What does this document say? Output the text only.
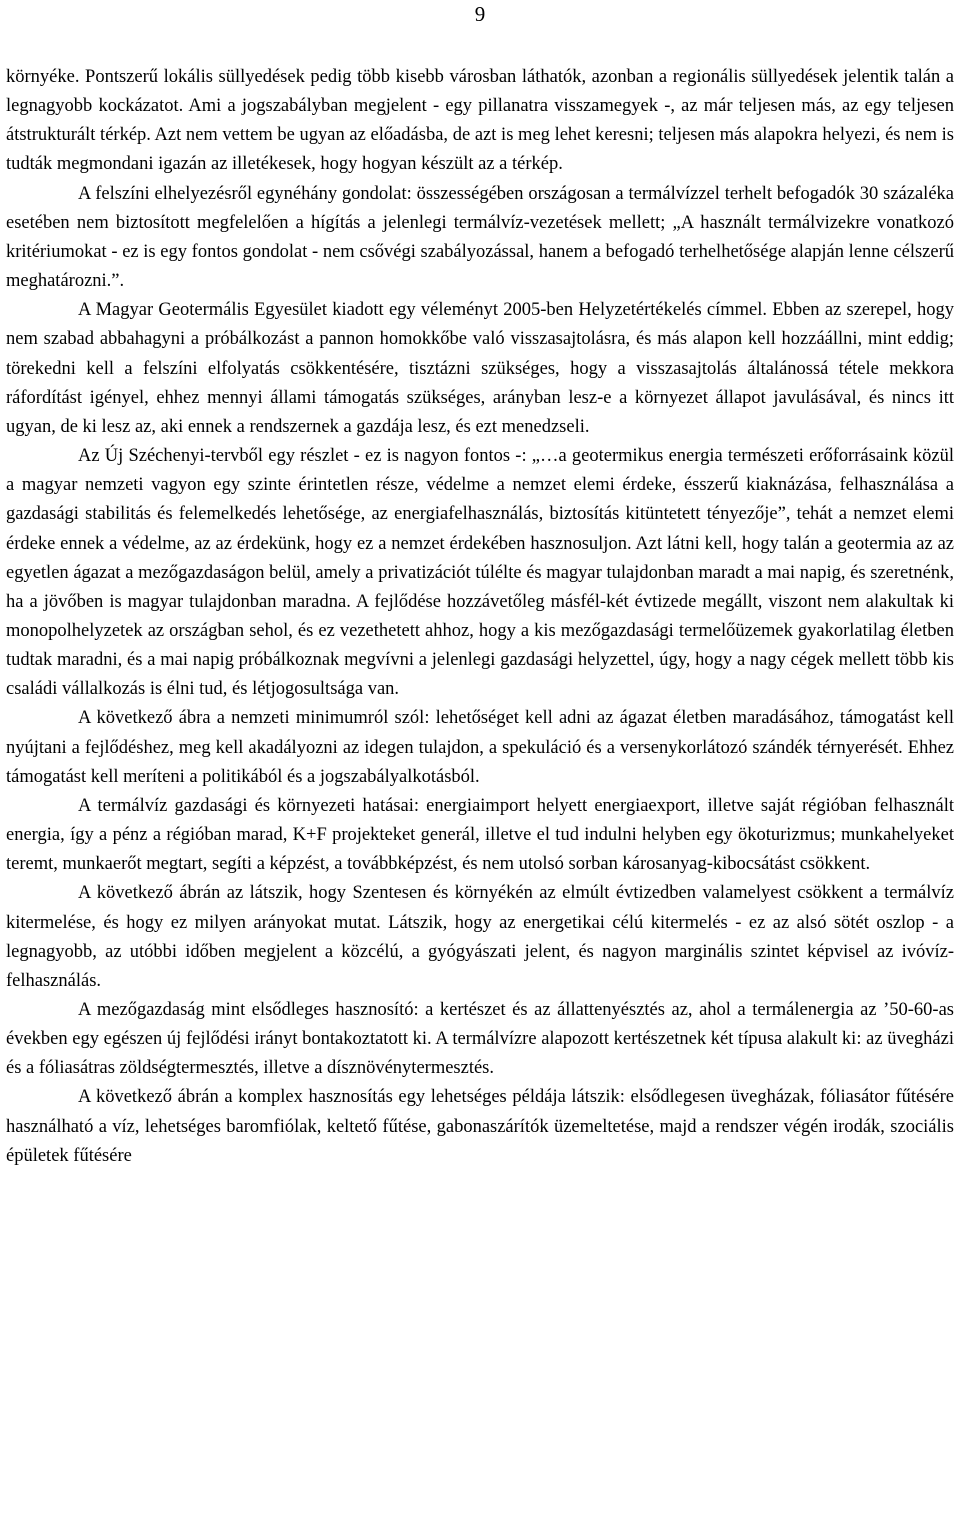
9

környéke. Pontszerű lokális süllyedések pedig több kisebb városban láthatók, azonban a regionális süllyedések jelentik talán a legnagyobb kockázatot. Ami a jogszabályban megjelent - egy pillanatra visszamegyek -, az már teljesen más, az egy teljesen átstrukturált térkép. Azt nem vettem be ugyan az előadásba, de azt is meg lehet keresni; teljesen más alapokra helyezi, és nem is tudták megmondani igazán az illetékesek, hogy hogyan készült az a térkép.

A felszíni elhelyezésről egynéhány gondolat: összességében országosan a termálvízzel terhelt befogadók 30 százaléka esetében nem biztosított megfelelően a hígítás a jelenlegi termálvíz-vezetések mellett; „A használt termálvizekre vonatkozó kritériumokat - ez is egy fontos gondolat - nem csővégi szabályozással, hanem a befogadó terhelhetősége alapján lenne célszerű meghatározni.”.

A Magyar Geotermális Egyesület kiadott egy véleményt 2005-ben Helyzetértékelés címmel. Ebben az szerepel, hogy nem szabad abbahagyni a próbálkozást a pannon homokkőbe való visszasajtolásra, és más alapon kell hozzáállni, mint eddig; törekedni kell a felszíni elfolyatás csökkentésére, tisztázni szükséges, hogy a visszasajtolás általánossá tétele mekkora ráfordítást igényel, ehhez mennyi állami támogatás szükséges, arányban lesz-e a környezet állapot javulásával, és nincs itt ugyan, de ki lesz az, aki ennek a rendszernek a gazdája lesz, és ezt menedzseli.

Az Új Széchenyi-tervből egy részlet - ez is nagyon fontos -: „…a geotermikus energia természeti erőforrásaink közül a magyar nemzeti vagyon egy szinte érintetlen része, védelme a nemzet elemi érdeke, ésszerű kiaknázása, felhasználása a gazdasági stabilitás és felemelkedés lehetősége, az energiafelhasználás, biztosítás kitüntetett tényezője”, tehát a nemzet elemi érdeke ennek a védelme, az az érdekünk, hogy ez a nemzet érdekében hasznosuljon. Azt látni kell, hogy talán a geotermia az az egyetlen ágazat a mezőgazdaságon belül, amely a privatizációt túlélte és magyar tulajdonban maradt a mai napig, és szeretnénk, ha a jövőben is magyar tulajdonban maradna. A fejlődése hozzávetőleg másfél-két évtizede megállt, viszont nem alakultak ki monopolhelyzetek az országban sehol, és ez vezethetett ahhoz, hogy a kis mezőgazdasági termelőüzemek gyakorlatilag életben tudtak maradni, és a mai napig próbálkoznak megvívni a jelenlegi gazdasági helyzettel, úgy, hogy a nagy cégek mellett több kis családi vállalkozás is élni tud, és létjogosultsága van.

A következő ábra a nemzeti minimumról szól: lehetőséget kell adni az ágazat életben maradásához, támogatást kell nyújtani a fejlődéshez, meg kell akadályozni az idegen tulajdon, a spekuláció és a versenykorlátozó szándék térnyerését. Ehhez támogatást kell meríteni a politikából és a jogszabályalkotásból.

A termálvíz gazdasági és környezeti hatásai: energiaimport helyett energiaexport, illetve saját régióban felhasznált energia, így a pénz a régióban marad, K+F projekteket generál, illetve el tud indulni helyben egy ökoturizmus; munkahelyeket teremt, munkaerőt megtart, segíti a képzést, a továbbképzést, és nem utolsó sorban károsanyag-kibocsátást csökkent.

A következő ábrán az látszik, hogy Szentesen és környékén az elmúlt évtizedben valamelyest csökkent a termálvíz kitermelése, és hogy ez milyen arányokat mutat. Látszik, hogy az energetikai célú kitermelés - ez az alsó sötét oszlop - a legnagyobb, az utóbbi időben megjelent a közcélú, a gyógyászati jelent, és nagyon marginális szintet képvisel az ivóvíz-felhasználás.

A mezőgazdaság mint elsődleges hasznosító: a kertészet és az állattenyésztés az, ahol a termálenergia az ’50-60-as években egy egészen új fejlődési irányt bontakoztatott ki. A termálvízre alapozott kertészetnek két típusa alakult ki: az üvegházi és a fóliasátras zöldségtermesztés, illetve a dísznövénytermesztés.

A következő ábrán a komplex hasznosítás egy lehetséges példája látszik: elsődlegesen üvegházak, fóliasátor fűtésére használható a víz, lehetséges baromfiólak, keltető fűtése, gabonaszárítók üzemeltetése, majd a rendszer végén irodák, szociális épületek fűtésére
